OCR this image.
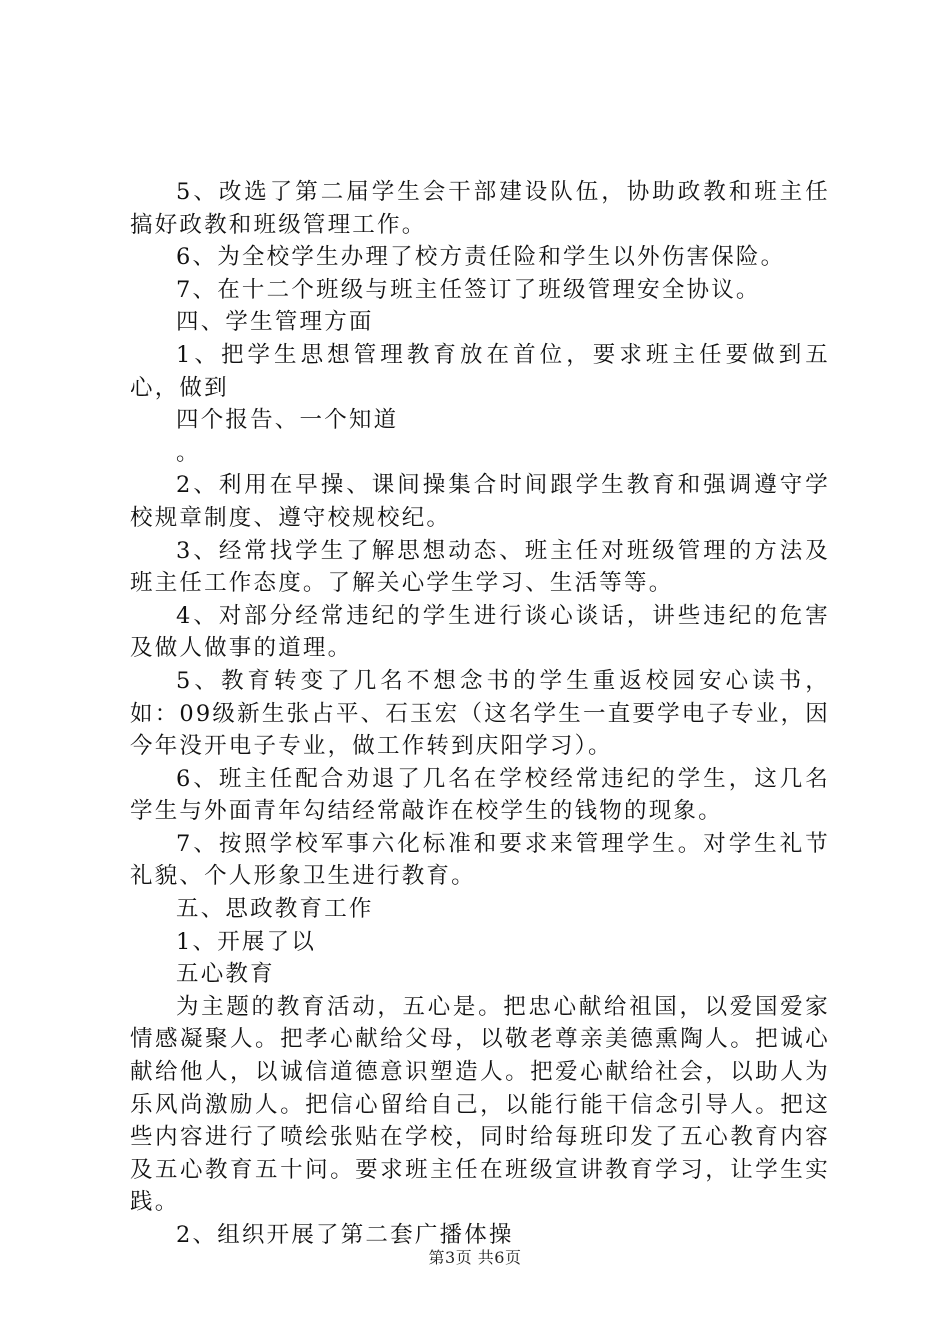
5、改选了第二届学生会干部建设队伍，协助政教和班主任搞好政教和班级管理工作。

6、为全校学生办理了校方责任险和学生以外伤害保险。

7、在十二个班级与班主任签订了班级管理安全协议。

四、学生管理方面

1、把学生思想管理教育放在首位，要求班主任要做到五心，做到

四个报告、一个知道

。

2、利用在早操、课间操集合时间跟学生教育和强调遵守学校规章制度、遵守校规校纪。

3、经常找学生了解思想动态、班主任对班级管理的方法及班主任工作态度。了解关心学生学习、生活等等。

4、对部分经常违纪的学生进行谈心谈话，讲些违纪的危害及做人做事的道理。

5、教育转变了几名不想念书的学生重返校园安心读书，如：09级新生张占平、石玉宏（这名学生一直要学电子专业，因今年没开电子专业，做工作转到庆阳学习）。

6、班主任配合劝退了几名在学校经常违纪的学生，这几名学生与外面青年勾结经常敲诈在校学生的钱物的现象。

7、按照学校军事六化标准和要求来管理学生。对学生礼节礼貌、个人形象卫生进行教育。

五、思政教育工作

1、开展了以

五心教育

为主题的教育活动，五心是。把忠心献给祖国，以爱国爱家情感凝聚人。把孝心献给父母，以敬老尊亲美德熏陶人。把诚心献给他人，以诚信道德意识塑造人。把爱心献给社会，以助人为乐风尚激励人。把信心留给自己，以能行能干信念引导人。把这些内容进行了喷绘张贴在学校，同时给每班印发了五心教育内容及五心教育五十问。要求班主任在班级宣讲教育学习，让学生实践。

2、组织开展了第二套广播体操

第3页 共6页
